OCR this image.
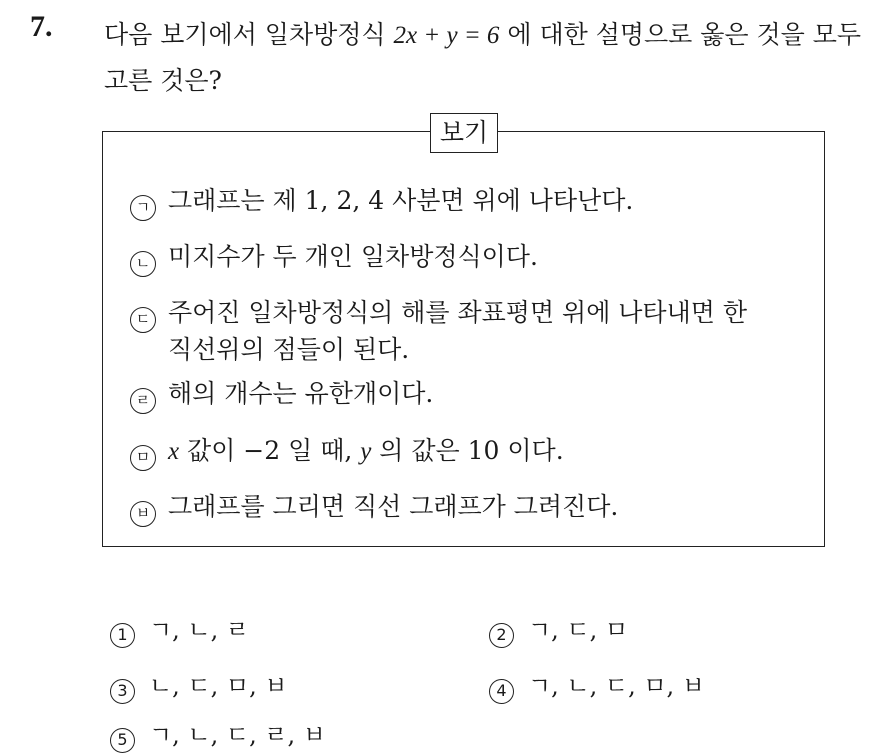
7. 다음 보기에서 일차방정식 2x + y = 6 에 대한 설명으로 옳은 것을 모두 고른 것은?
보기
ㄱ 그래프는 제 1, 2, 4 사분면 위에 나타난다.
ㄴ 미지수가 두 개인 일차방정식이다.
ㄷ 주어진 일차방정식의 해를 좌표평면 위에 나타내면 한
직선위의 점들이 된다.
ㄹ 해의 개수는 유한개이다.
ㅁ x 값이 −2 일 때, y 의 값은 10 이다.
ㅂ 그래프를 그리면 직선 그래프가 그려진다.
1 ㄱ, ㄴ, ㄹ	2 ㄱ, ㄷ, ㅁ
3 ㄴ, ㄷ, ㅁ, ㅂ	4 ㄱ, ㄴ, ㄷ, ㅁ, ㅂ
5 ㄱ, ㄴ, ㄷ, ㄹ, ㅂ
